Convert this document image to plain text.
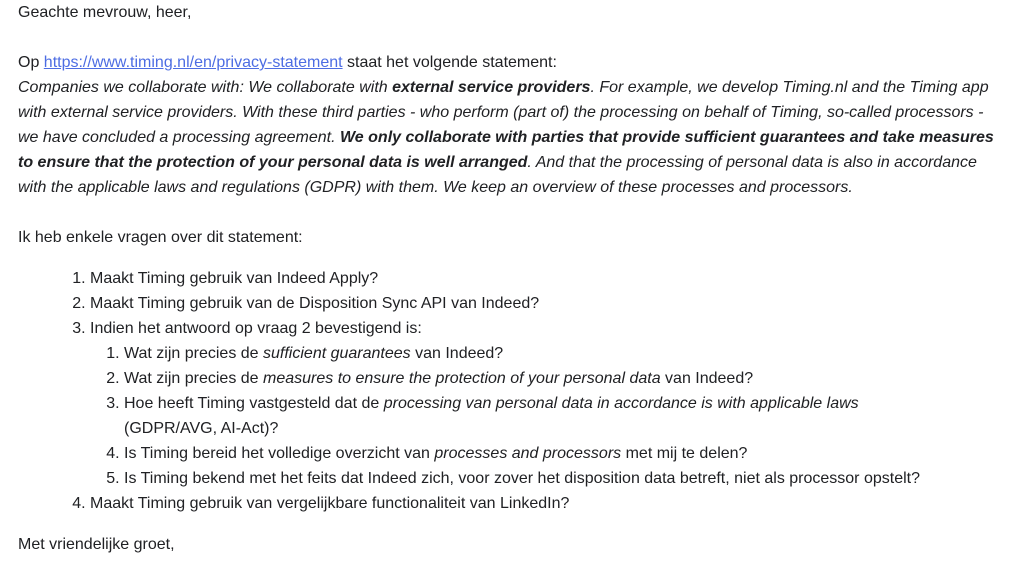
Geachte mevrouw, heer,
Op https://www.timing.nl/en/privacy-statement staat het volgende statement:
Companies we collaborate with: We collaborate with external service providers. For example, we develop Timing.nl and the Timing app with external service providers. With these third parties - who perform (part of) the processing on behalf of Timing, so-called processors - we have concluded a processing agreement. We only collaborate with parties that provide sufficient guarantees and take measures to ensure that the protection of your personal data is well arranged. And that the processing of personal data is also in accordance with the applicable laws and regulations (GDPR) with them. We keep an overview of these processes and processors.
Ik heb enkele vragen over dit statement:
1. Maakt Timing gebruik van Indeed Apply?
2. Maakt Timing gebruik van de Disposition Sync API van Indeed?
3. Indien het antwoord op vraag 2 bevestigend is:
1. Wat zijn precies de sufficient guarantees van Indeed?
2. Wat zijn precies de measures to ensure the protection of your personal data van Indeed?
3. Hoe heeft Timing vastgesteld dat de processing van personal data in accordance is with applicable laws
(GDPR/AVG, AI-Act)?
4. Is Timing bereid het volledige overzicht van processes and processors met mij te delen?
5. Is Timing bekend met het feits dat Indeed zich, voor zover het disposition data betreft, niet als processor opstelt?
4. Maakt Timing gebruik van vergelijkbare functionaliteit van LinkedIn?
Met vriendelijke groet,
